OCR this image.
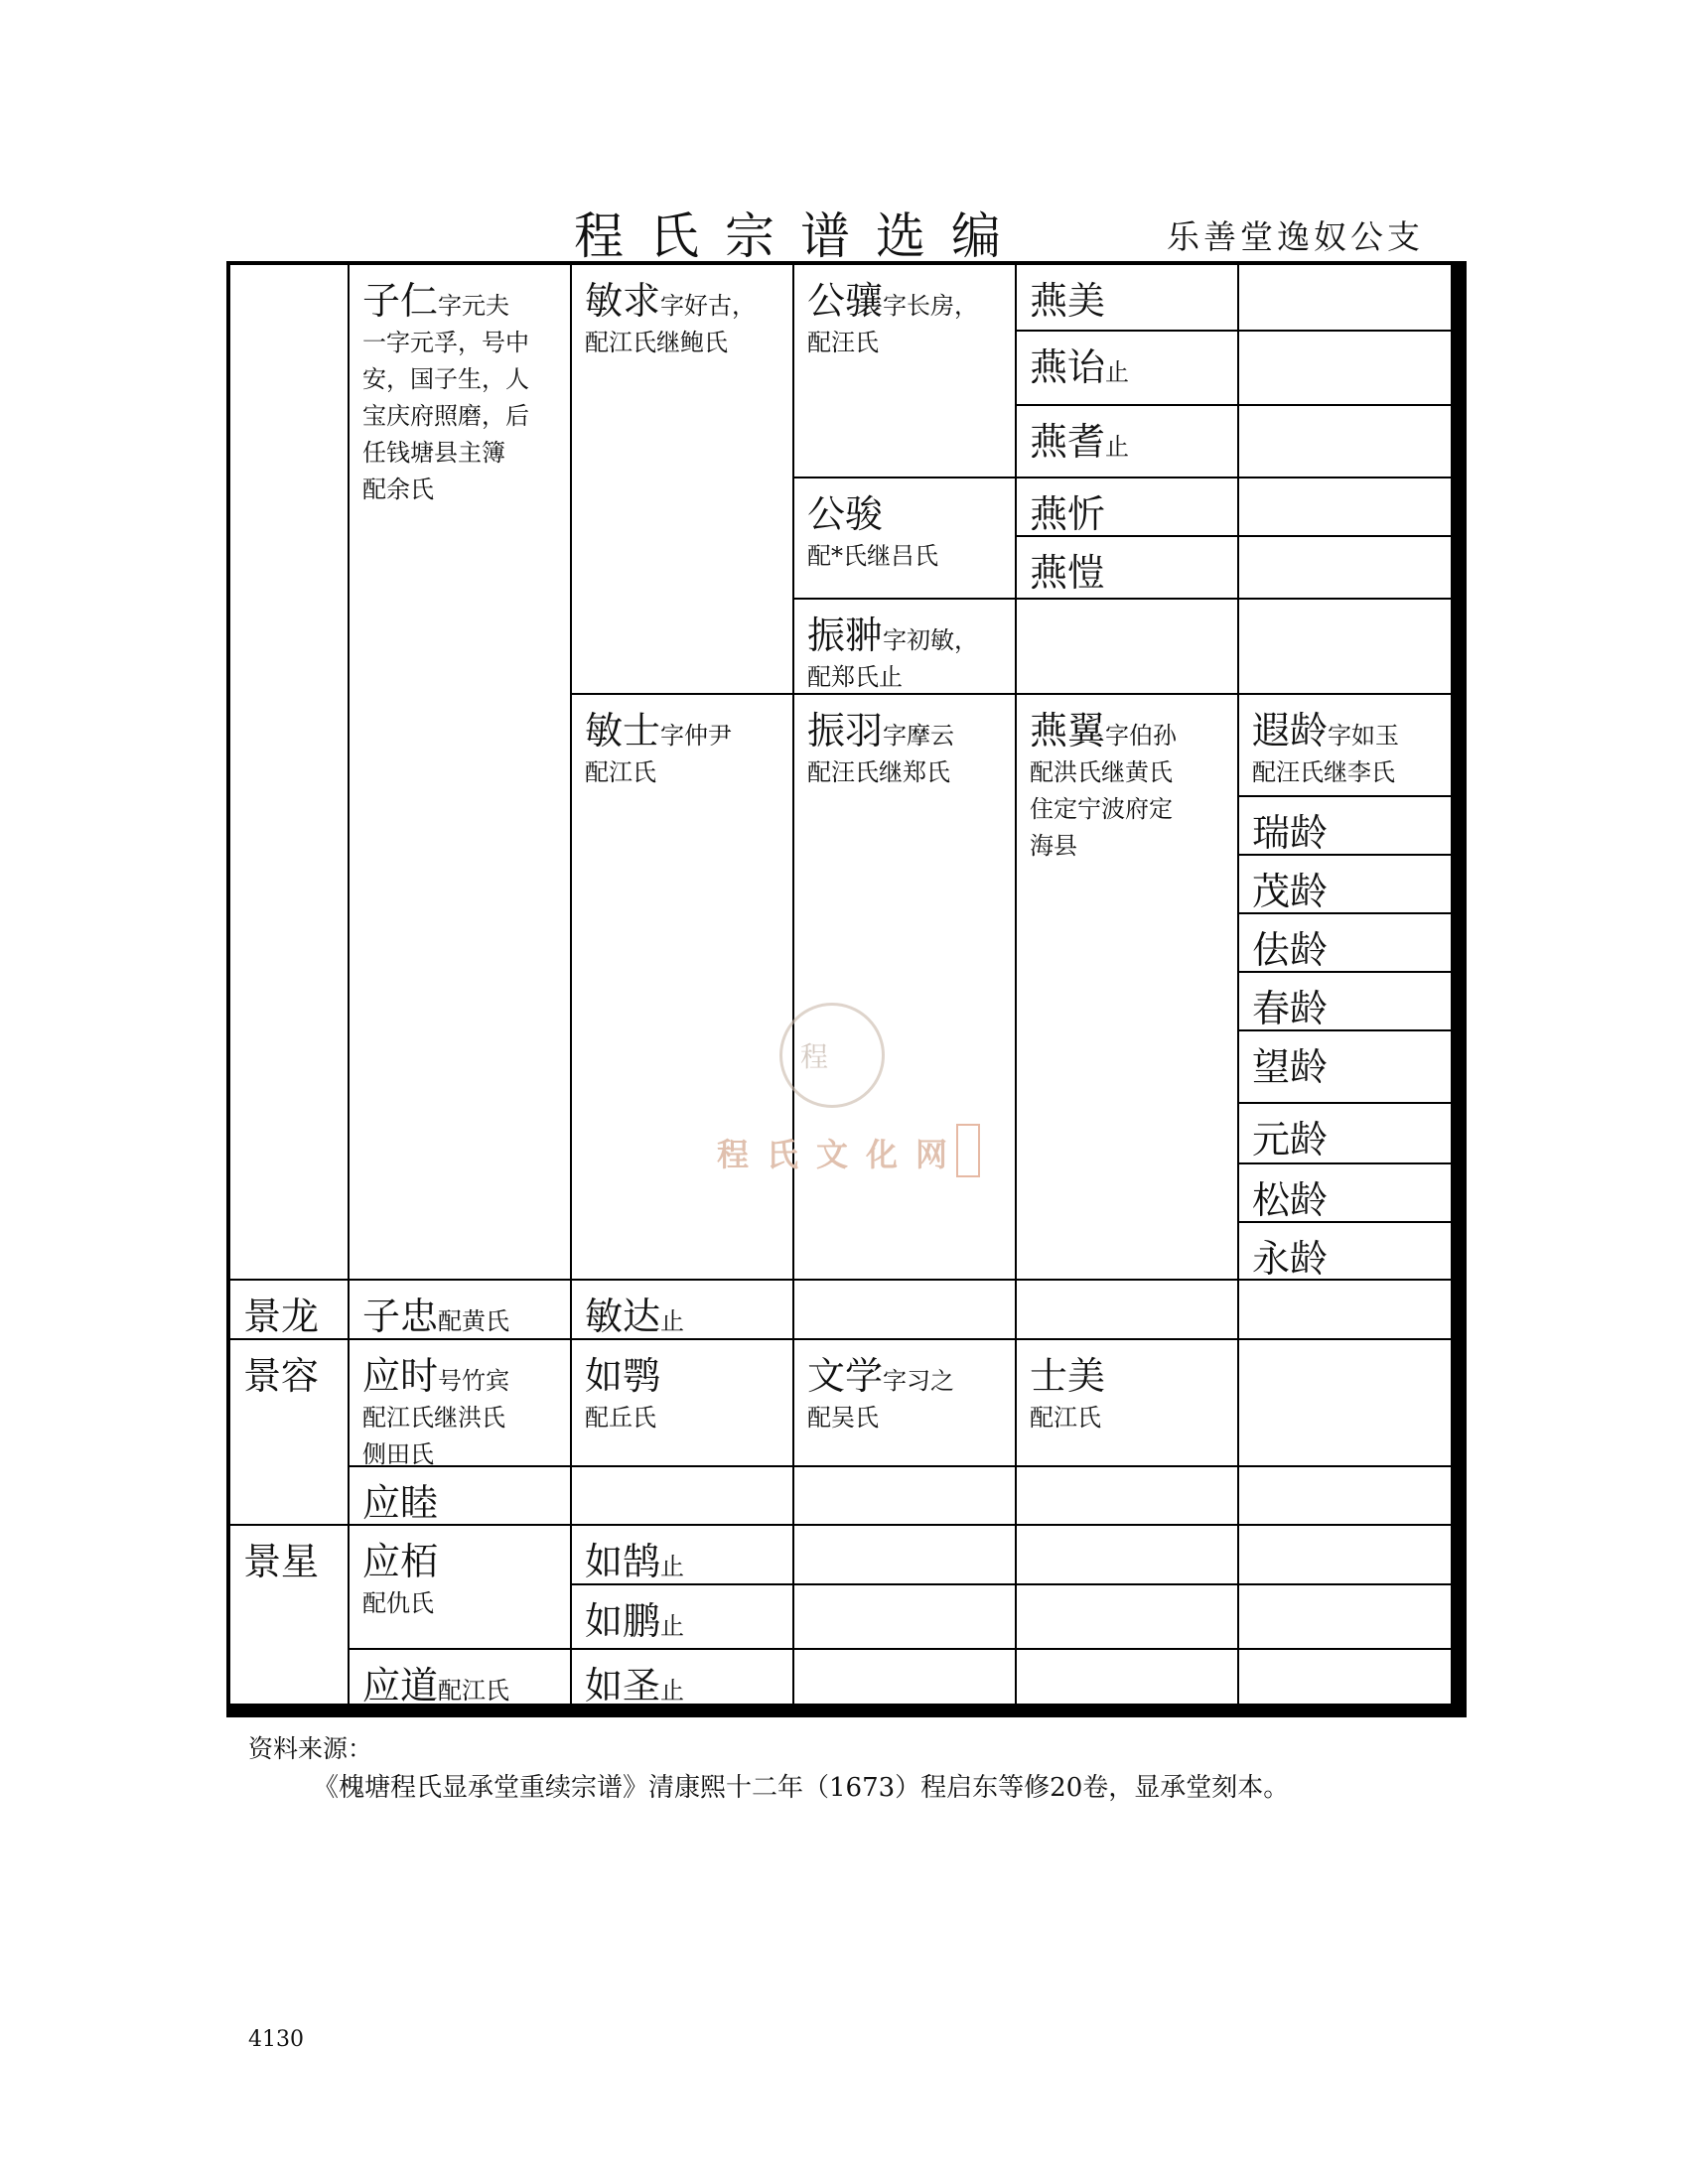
程氏宗谱选编	乐善堂逸奴公支
景龙
景容
景星
子仁字元夫
一字元孚，号中
安，国子生，人
宝庆府照磨，后
任钱塘县主簿
配余氏
子忠配黄氏
应时号竹宾
配江氏继洪氏
侧田氏
应睦
应栢
配仇氏
应道配江氏
敏求字好古，
配江氏继鲍氏
敏士字仲尹
配江氏
敏达止
如鹗
配丘氏
如鹄止
如鹏止
如圣止
公骧字长房，
配汪氏
公骏
配*氏继吕氏
振翀字初敏，
配郑氏止
振羽字摩云
配汪氏继郑氏
文学字习之
配吴氏
燕美
燕诒止
燕耆止
燕忻
燕愷
燕翼字伯孙
配洪氏继黄氏
住定宁波府定
海县
士美
配江氏
遐龄字如玉
配汪氏继李氏
瑞龄
茂龄
佉龄
春龄
望龄
元龄
松龄
永龄
程
程氏文化网
资料来源：
《槐塘程氏显承堂重续宗谱》清康熙十二年（1673）程启东等修20卷，显承堂刻本。
4130
